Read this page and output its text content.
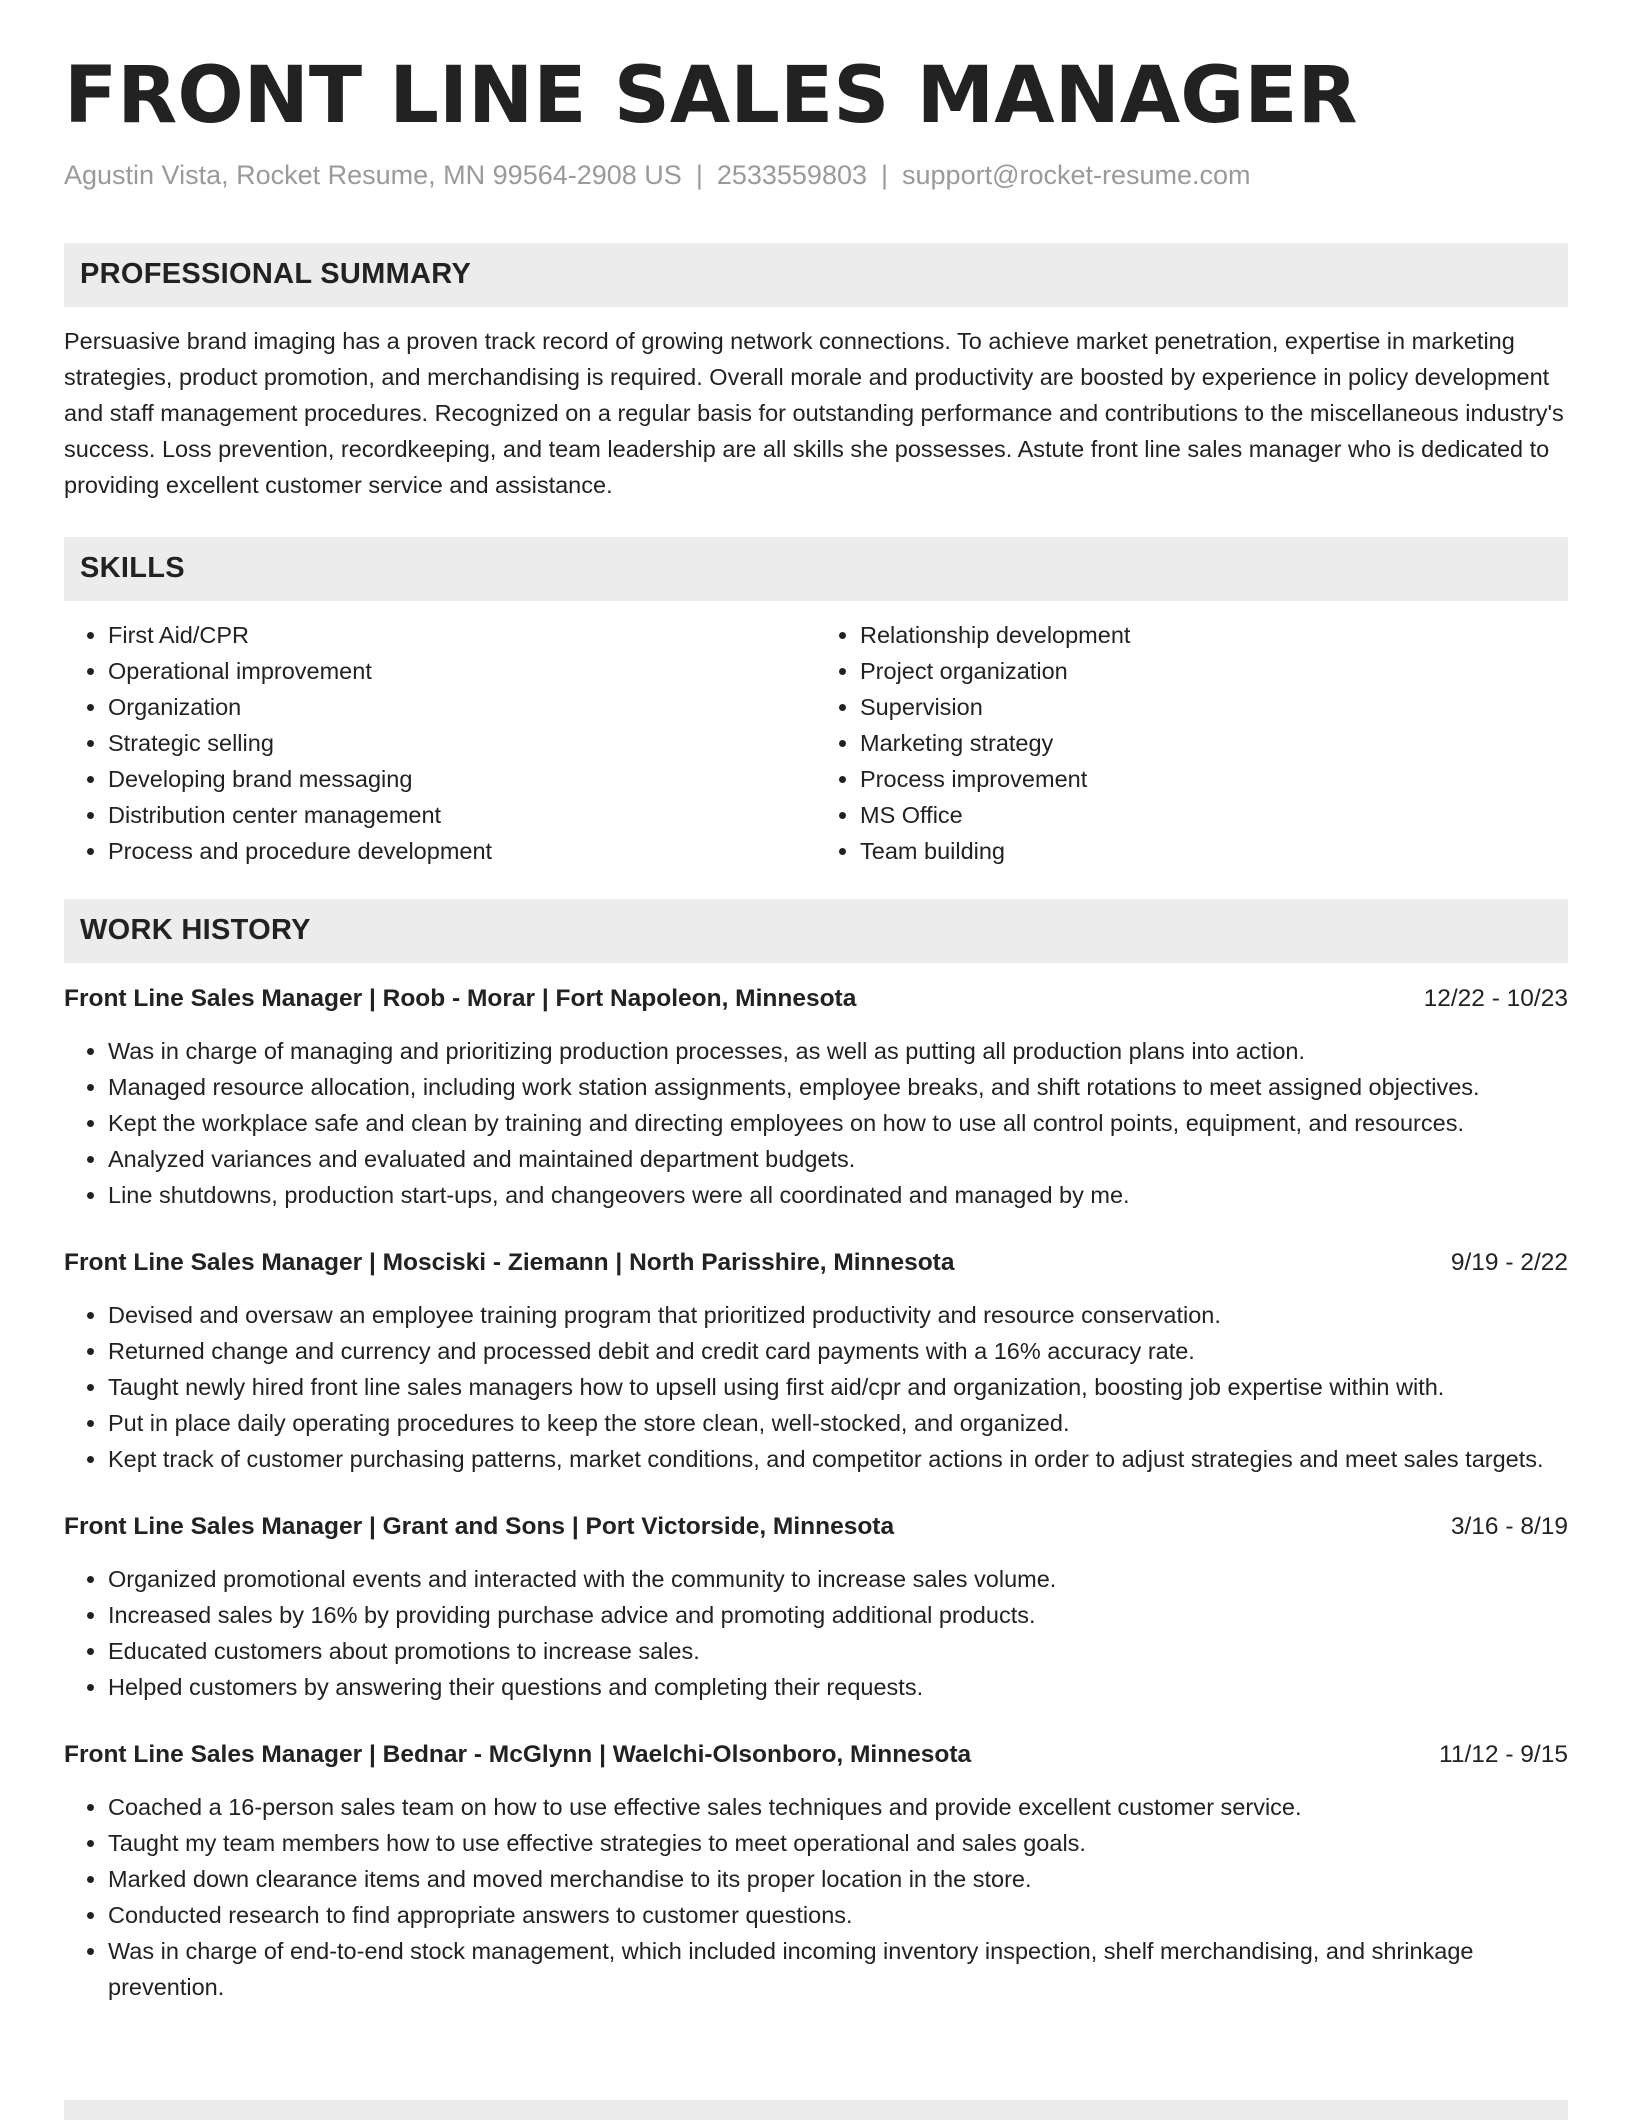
FRONT LINE SALES MANAGER
Agustin Vista, Rocket Resume, MN 99564-2908 US | 2533559803 | support@rocket-resume.com
PROFESSIONAL SUMMARY
Persuasive brand imaging has a proven track record of growing network connections. To achieve market penetration, expertise in marketing strategies, product promotion, and merchandising is required. Overall morale and productivity are boosted by experience in policy development and staff management procedures. Recognized on a regular basis for outstanding performance and contributions to the miscellaneous industry's success. Loss prevention, recordkeeping, and team leadership are all skills she possesses. Astute front line sales manager who is dedicated to providing excellent customer service and assistance.
SKILLS
• First Aid/CPR
• Operational improvement
• Organization
• Strategic selling
• Developing brand messaging
• Distribution center management
• Process and procedure development
• Relationship development
• Project organization
• Supervision
• Marketing strategy
• Process improvement
• MS Office
• Team building
WORK HISTORY
Front Line Sales Manager | Roob - Morar | Fort Napoleon, Minnesota	12/22 - 10/23
• Was in charge of managing and prioritizing production processes, as well as putting all production plans into action.
• Managed resource allocation, including work station assignments, employee breaks, and shift rotations to meet assigned objectives.
• Kept the workplace safe and clean by training and directing employees on how to use all control points, equipment, and resources.
• Analyzed variances and evaluated and maintained department budgets.
• Line shutdowns, production start-ups, and changeovers were all coordinated and managed by me.
Front Line Sales Manager | Mosciski - Ziemann | North Parisshire, Minnesota	9/19 - 2/22
• Devised and oversaw an employee training program that prioritized productivity and resource conservation.
• Returned change and currency and processed debit and credit card payments with a 16% accuracy rate.
• Taught newly hired front line sales managers how to upsell using first aid/cpr and organization, boosting job expertise within with.
• Put in place daily operating procedures to keep the store clean, well-stocked, and organized.
• Kept track of customer purchasing patterns, market conditions, and competitor actions in order to adjust strategies and meet sales targets.
Front Line Sales Manager | Grant and Sons | Port Victorside, Minnesota	3/16 - 8/19
• Organized promotional events and interacted with the community to increase sales volume.
• Increased sales by 16% by providing purchase advice and promoting additional products.
• Educated customers about promotions to increase sales.
• Helped customers by answering their questions and completing their requests.
Front Line Sales Manager | Bednar - McGlynn | Waelchi-Olsonboro, Minnesota	11/12 - 9/15
• Coached a 16-person sales team on how to use effective sales techniques and provide excellent customer service.
• Taught my team members how to use effective strategies to meet operational and sales goals.
• Marked down clearance items and moved merchandise to its proper location in the store.
• Conducted research to find appropriate answers to customer questions.
• Was in charge of end-to-end stock management, which included incoming inventory inspection, shelf merchandising, and shrinkage prevention.
